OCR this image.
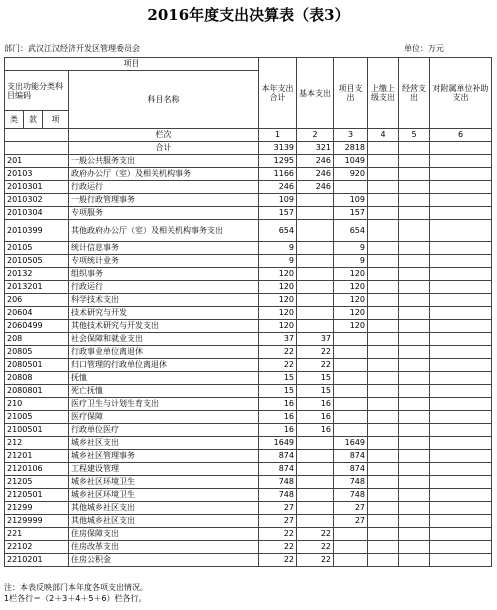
2016年度支出决算表（表3）
部门：武汉江汉经济开发区管理委员会	单位：万元
项目				本年支出合计	基本支出	项目支出	上缴上级支出	经营支出	对附属单位补助支出
支出功能分类科目编码			科目名称						
类	款	项							
			栏次	1	2	3	4	5	6
			合计	3139	321	2818			
201			一般公共服务支出	1295	246	1049			
20103			政府办公厅（室）及相关机构事务	1166	246	920			
2010301			行政运行	246	246				
2010302			一般行政管理事务	109		109			
2010304			专项服务	157		157			
2010399			其他政府办公厅（室）及相关机构事务支出	654		654			
20105			统计信息事务	9		9			
2010505			专项统计业务	9		9			
20132			组织事务	120		120			
2013201			行政运行	120		120			
206			科学技术支出	120		120			
20604			技术研究与开发	120		120			
2060499			其他技术研究与开发支出	120		120			
208			社会保障和就业支出	37	37				
20805			行政事业单位离退休	22	22				
2080501			归口管理的行政单位离退休	22	22				
20808			抚恤	15	15				
2080801			死亡抚恤	15	15				
210			医疗卫生与计划生育支出	16	16				
21005			医疗保障	16	16				
2100501			行政单位医疗	16	16				
212			城乡社区支出	1649		1649			
21201			城乡社区管理事务	874		874			
2120106			工程建设管理	874		874			
21205			城乡社区环境卫生	748		748			
2120501			城乡社区环境卫生	748		748			
21299			其他城乡社区支出	27		27			
2129999			其他城乡社区支出	27		27			
221			住房保障支出	22	22				
22102			住房改革支出	22	22				
2210201			住房公积金	22	22				
注：本表反映部门本年度各项支出情况。
1栏各行＝（2＋3＋4＋5＋6）栏各行。
